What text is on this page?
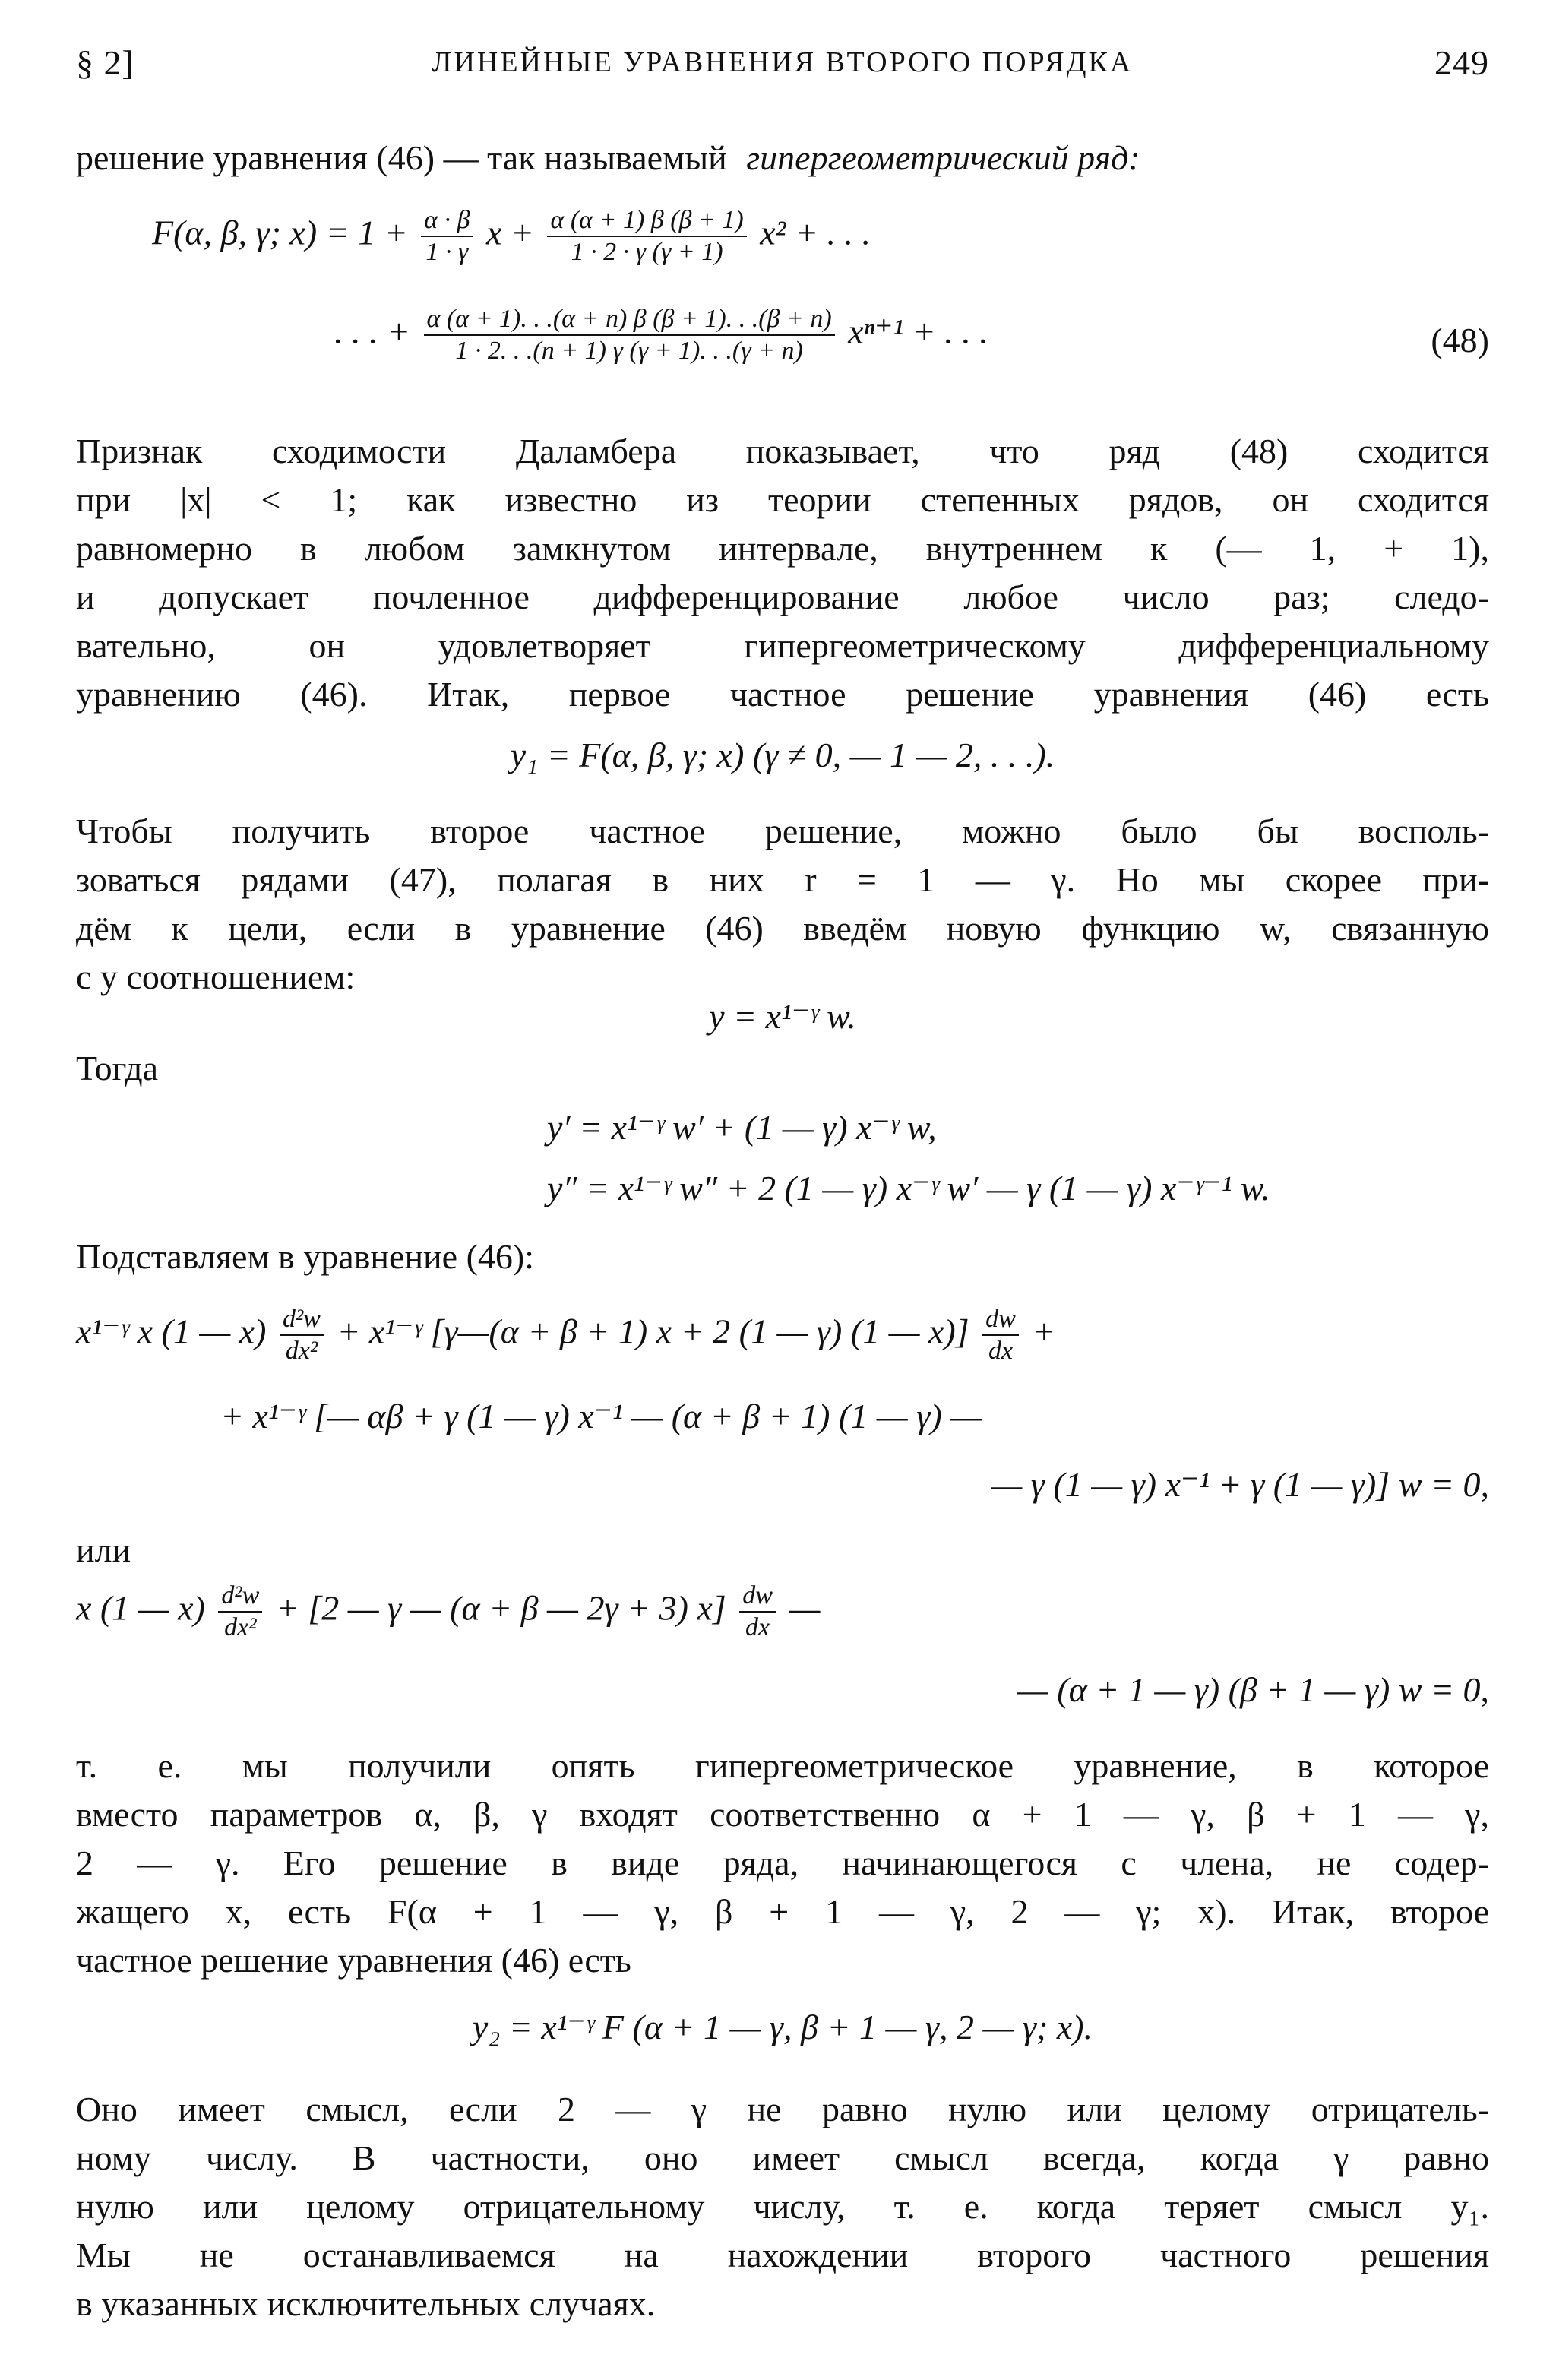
§ 2]	ЛИНЕЙНЫЕ УРАВНЕНИЯ ВТОРОГО ПОРЯДКА	249
решение уравнения (46) — так называемый гипергеометрический ряд:
F(α, β, γ; $x) = 1 + \frac{\alpha \cdot \beta}{1 \cdot \gamma}$ $x + \frac{\alpha (\alpha + 1) \beta (\beta + 1)}{1 \cdot 2 \cdot \gamma (\gamma + 1)} x^2$ + . . .
. . . + $\frac{\alpha (\alpha + 1). . .(\alpha + n) \beta (\beta + 1). . .(\beta + n)}{1 \cdot 2. . .(n + 1) \gamma (\gamma + 1). . .(\gamma + n)} x^{n+1}$ + . . .	(48)
Признак сходимости Даламбера показывает, что ряд (48) сходится
при |x| < 1; как известно из теории степенных рядов, он сходится
равномерно в любом замкнутом интервале, внутреннем к (— 1, + 1),
и допускает почленное дифференцирование любое число раз; следо-
вательно, он удовлетворяет гипергеометрическому дифференциальному
уравнению (46). Итак, первое частное решение уравнения (46) есть
y₁ = F(α, β, γ; x) (γ ≠ 0, — 1 — 2, . . .).
Чтобы получить второе частное решение, можно было бы восполь-
зоваться рядами (47), полагая в них r = 1 — γ. Но мы скорее при-
дём к цели, если в уравнение (46) введём новую функцию w, связанную
с y соотношением:
y = x¹⁻ᵞ w.
Тогда
y′ = x¹⁻ᵞ w′ + (1 — γ) x⁻ᵞ w,
y″ = x¹⁻ᵞ w″ + 2 (1 — γ) x⁻ᵞ w′ — γ (1 — γ) x⁻ᵞ⁻¹ w.
Подставляем в уравнение (46):
x¹⁻ᵞ x (1 — $x) \frac{\text{d²w}}{\text{dx²}}$ + x¹⁻ᵞ [γ—(α + β + 1) x + 2 (1 — γ) (1 — $x)] \frac{dw}{dx}$ +
+ x¹⁻ᵞ [— αβ + γ (1 — γ) x⁻¹ — (α + β + 1) (1 — γ) —
— γ (1 — γ) x⁻¹ + γ (1 — γ)] w = 0,
или
x (1 — $x) \frac{\text{d²w}}{\text{dx²}} + [2$ — γ — (α + β — 2γ + 3) $x] \frac{dw}{dx}$ —
— (α + 1 — γ) (β + 1 — γ) w = 0,
т. е. мы получили опять гипергеометрическое уравнение, в которое
вместо параметров α, β, γ входят соответственно α + 1 — γ, β + 1 — γ,
2 — γ. Его решение в виде ряда, начинающегося с члена, не содер-
жащего x, есть F(α + 1 — γ, β + 1 — γ, 2 — γ; x). Итак, второе
частное решение уравнения (46) есть
y₂ = x¹⁻ᵞ F (α + 1 — γ, β + 1 — γ, 2 — γ; x).
Оно имеет смысл, если 2 — γ не равно нулю или целому отрицатель-
ному числу. В частности, оно имеет смысл всегда, когда γ равно
нулю или целому отрицательному числу, т. е. когда теряет смысл y₁.
Мы не останавливаемся на нахождении второго частного решения
в указанных исключительных случаях.
